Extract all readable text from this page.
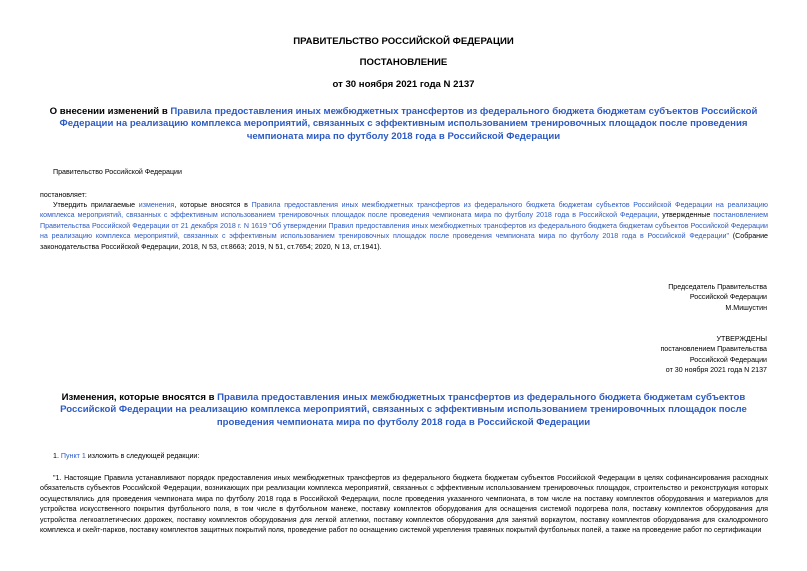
ПРАВИТЕЛЬСТВО РОССИЙСКОЙ ФЕДЕРАЦИИ
ПОСТАНОВЛЕНИЕ
от 30 ноября 2021 года N 2137
О внесении изменений в Правила предоставления иных межбюджетных трансфертов из федерального бюджета бюджетам субъектов Российской Федерации на реализацию комплекса мероприятий, связанных с эффективным использованием тренировочных площадок после проведения чемпионата мира по футболу 2018 года в Российской Федерации
Правительство Российской Федерации
постановляет:
Утвердить прилагаемые изменения, которые вносятся в Правила предоставления иных межбюджетных трансфертов из федерального бюджета бюджетам субъектов Российской Федерации на реализацию комплекса мероприятий, связанных с эффективным использованием тренировочных площадок после проведения чемпионата мира по футболу 2018 года в Российской Федерации, утвержденные постановлением Правительства Российской Федерации от 21 декабря 2018 г. N 1619 "Об утверждении Правил предоставления иных межбюджетных трансфертов из федерального бюджета бюджетам субъектов Российской Федерации на реализацию комплекса мероприятий, связанных с эффективным использованием тренировочных площадок после проведения чемпионата мира по футболу 2018 года в Российской Федерации" (Собрание законодательства Российской Федерации, 2018, N 53, ст.8663; 2019, N 51, ст.7654; 2020, N 13, ст.1941).
Председатель Правительства
Российской Федерации
М.Мишустин
УТВЕРЖДЕНЫ
постановлением Правительства
Российской Федерации
от 30 ноября 2021 года N 2137
Изменения, которые вносятся в Правила предоставления иных межбюджетных трансфертов из федерального бюджета бюджетам субъектов Российской Федерации на реализацию комплекса мероприятий, связанных с эффективным использованием тренировочных площадок после проведения чемпионата мира по футболу 2018 года в Российской Федерации
1. Пункт 1 изложить в следующей редакции:
"1. Настоящие Правила устанавливают порядок предоставления иных межбюджетных трансфертов из федерального бюджета бюджетам субъектов Российской Федерации в целях софинансирования расходных обязательств субъектов Российской Федерации, возникающих при реализации комплекса мероприятий, связанных с эффективным использованием тренировочных площадок, строительство и реконструкция которых осуществлялись для проведения чемпионата мира по футболу 2018 года в Российской Федерации, после проведения указанного чемпионата, в том числе на поставку комплектов оборудования и материалов для устройства искусственного покрытия футбольного поля, в том числе в футбольном манеже, поставку комплектов оборудования для оснащения системой подогрева поля, поставку комплектов оборудования для устройства легкоатлетических дорожек, поставку комплектов оборудования для легкой атлетики, поставку комплектов оборудования для занятий воркаутом, поставку комплектов оборудования для скалодромного комплекса и скейт-парков, поставку комплектов защитных покрытий поля, проведение работ по оснащению системой укрепления травяных покрытий футбольных полей, а также на проведение работ по сертификации
